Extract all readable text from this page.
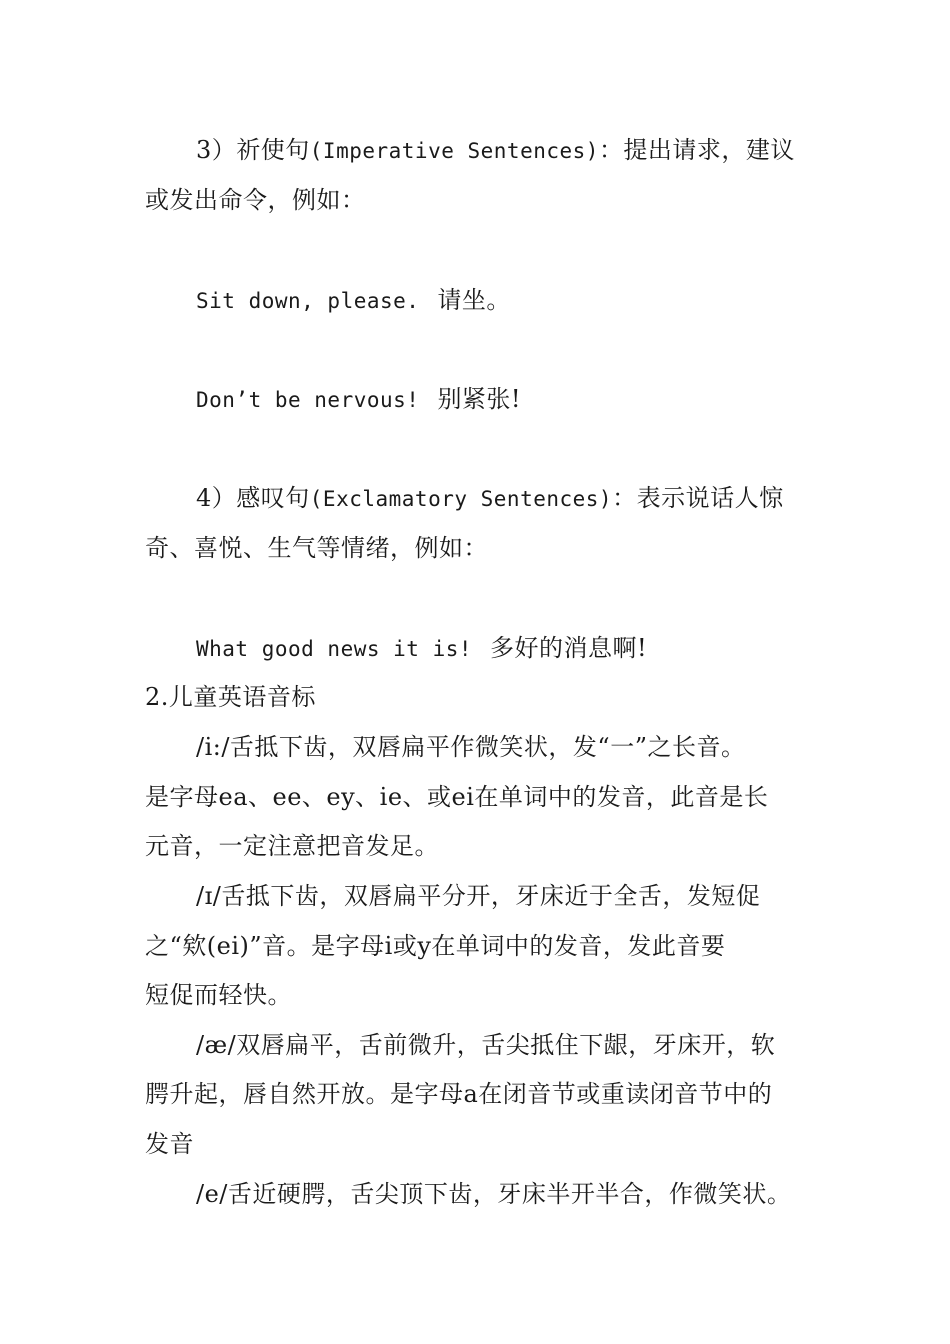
3）祈使句(Imperative Sentences)：提出请求，建议
或发出命令，例如：
Sit down, please. 请坐。
Don’t be nervous! 别紧张!
4）感叹句(Exclamatory Sentences)：表示说话人惊
奇、喜悦、生气等情绪，例如：
What good news it is! 多好的消息啊!
2.儿童英语音标
/i:/舌抵下齿，双唇扁平作微笑状，发“一”之长音。
是字母ea、ee、ey、ie、或ei在单词中的发音，此音是长
元音，一定注意把音发足。
/ɪ/舌抵下齿，双唇扁平分开，牙床近于全舌，发短促
之“欸(ei)”音。是字母i或y在单词中的发音，发此音要
短促而轻快。
/æ/双唇扁平，舌前微升，舌尖抵住下龈，牙床开，软
腭升起，唇自然开放。是字母a在闭音节或重读闭音节中的
发音
/e/舌近硬腭，舌尖顶下齿，牙床半开半合，作微笑状。
